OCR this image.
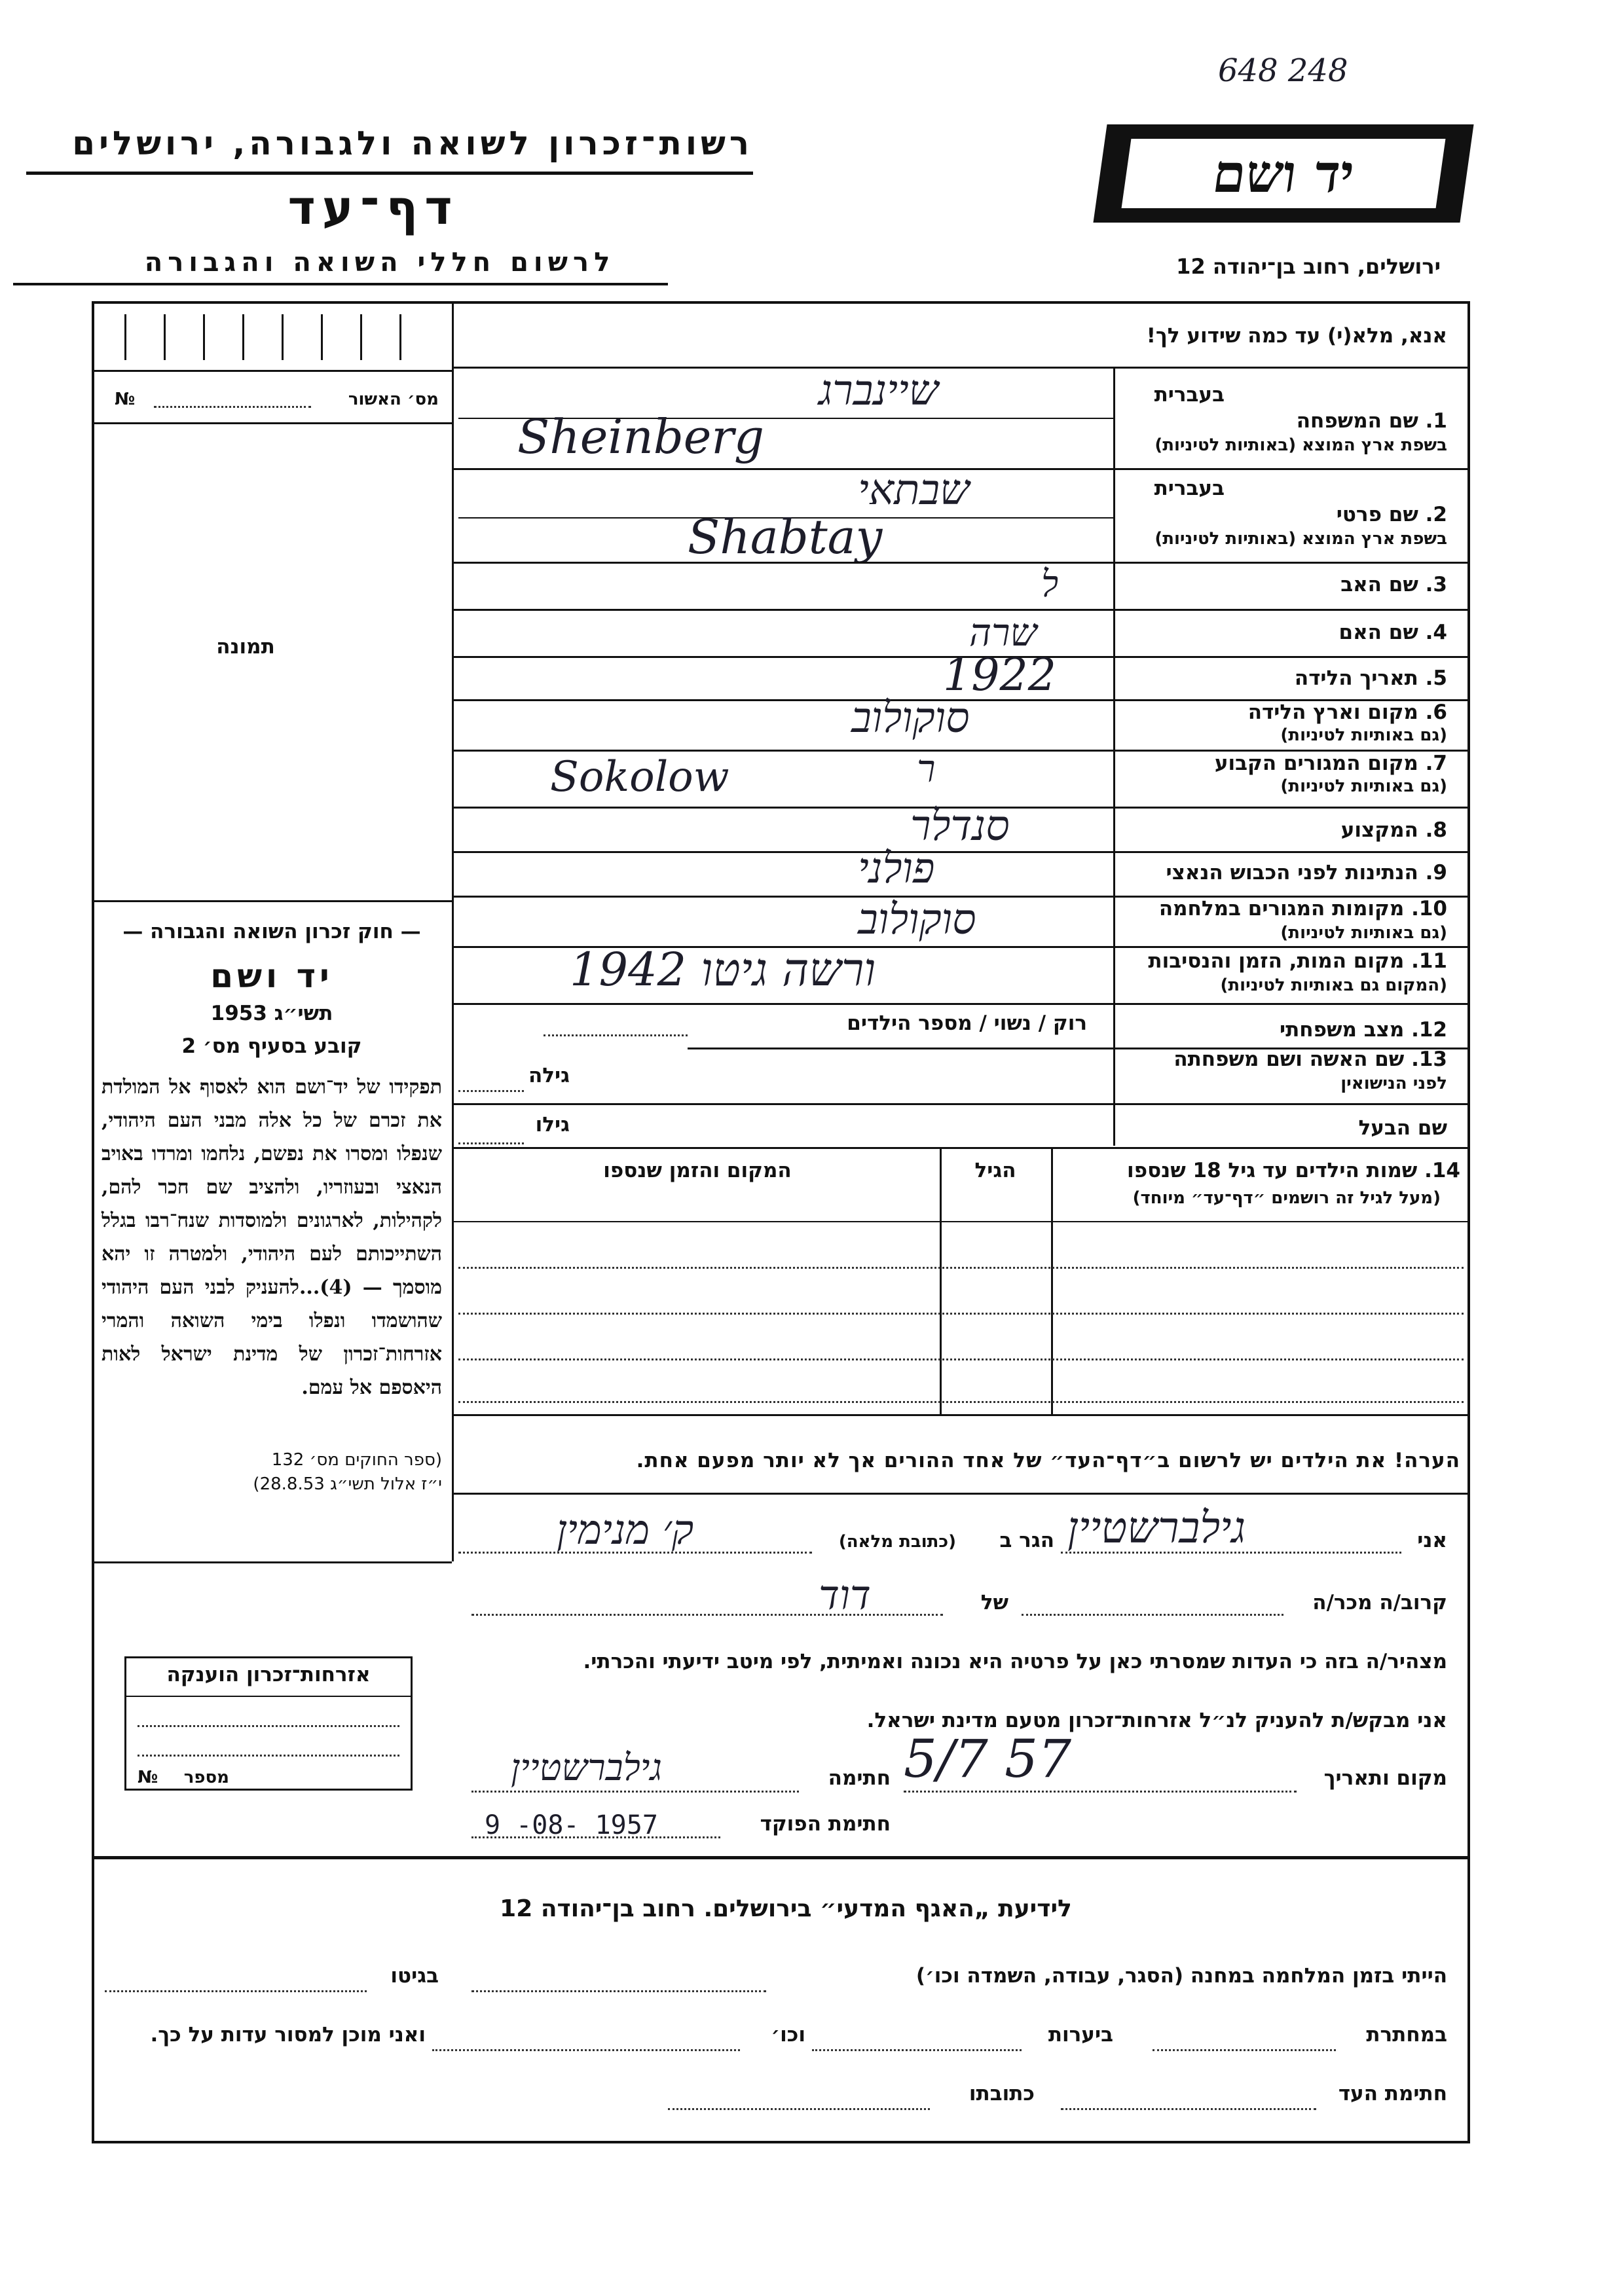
648 248
רשות־זכרון לשואה ולגבורה, ירושלים
דף־עד
לרשום חללי השואה והגבורה
יד ושם
ירושלים, רחוב בן־יהודה 12
אנא, מלא(י) עד כמה שידוע לך!
מס׳ האשור
№
תמונה
— חוק זכרון השואה והגבורה —
יד ושם
תשי״ג 1953
קובע בסעיף מס׳ 2
תפקידו של יד־ושם הוא לאסוף אל המולדת את זכרם של כל אלה מבני העם היהודי, שנפלו ומסרו את נפשם, נלחמו ומרדו באויב הנאצי ובעוזריו, ולהציב שם חכר להם, לקהילות, לארגונים ולמוסדות שנח־רבו בגלל השתייכותם לעם היהודי, ולמטרה זו יהא מוסמך — (4)...להעניק לבני העם היהודי שהושמדו ונפלו בימי השואה והמרי אזרחות־זכרון של מדינת ישראל לאות היאספם אל עמם.
(ספר החוקים מס׳ 132
י״ז אלול תשי״ג 28.8.53)
בעברית
1. שם המשפחה
בשפת ארץ המוצא (באותיות לטיניות)
שיינברג
Sheinberg
בעברית
2. שם פרטי
בשפת ארץ המוצא (באותיות לטיניות)
שבתאי
Shabtay
3. שם האב
ל
4. שם האם
שרה
5. תאריך הלידה
1922
6. מקום וארץ הלידה
(גם באותיות לטיניות)
סוקולוב
7. מקום המגורים הקבוע
(גם באותיות לטיניות)
ר
Sokolow
8. המקצוע
סנדלר
9. הנתינות לפני הכבוש הנאצי
פולני
10. מקומות המגורים במלחמה
(גם באותיות לטיניות)
סוקולוב
11. מקום המות, הזמן והנסיבות
(המקום גם באותיות לטיניות)
ורשה גיטו 1942
12. מצב משפחתי
רוק / נשוי / מספר הילדים
13. שם האשה ושם משפחתה
לפני הנישואין
גילה
שם הבעל
גילו
14. שמות הילדים עד גיל 18 שנספו
(מעל לגיל זה רושמים ״דף־עד״ מיוחד)
הגיל
המקום והזמן שנספו
הערה! את הילדים יש לרשום ב״דף־העד״ של אחד ההורים אך לא יותר מפעם אחת.
אני
גילברשטיין
הגר ב
(כתובת מלאה)
ק׳ מנימין
קרוב/ה מכר/ה
של
דוד
מצהיר/ה בזה כי העדות שמסרתי כאן על פרטיה היא נכונה ואמיתית, לפי מיטב ידיעתי והכרתי.
אני מבקש/ת להעניק לנ״ל אזרחות־זכרון מטעם מדינת ישראל.
מקום ותאריך
5/7 57
חתימה
גילברשטיין
חתימת הפוקד
9 -08- 1957
אזרחות־זכרון הוענקה
מספר
№
לידיעת „האגף המדעי״ בירושלים. רחוב בן־יהודה 12
הייתי בזמן המלחמה במחנה (הסגר, עבודה, השמדה וכו׳)
בגיטו
במחתרת
ביערות
וכו׳
ואני מוכן למסור עדות על כך.
חתימת העד
כתובתו
